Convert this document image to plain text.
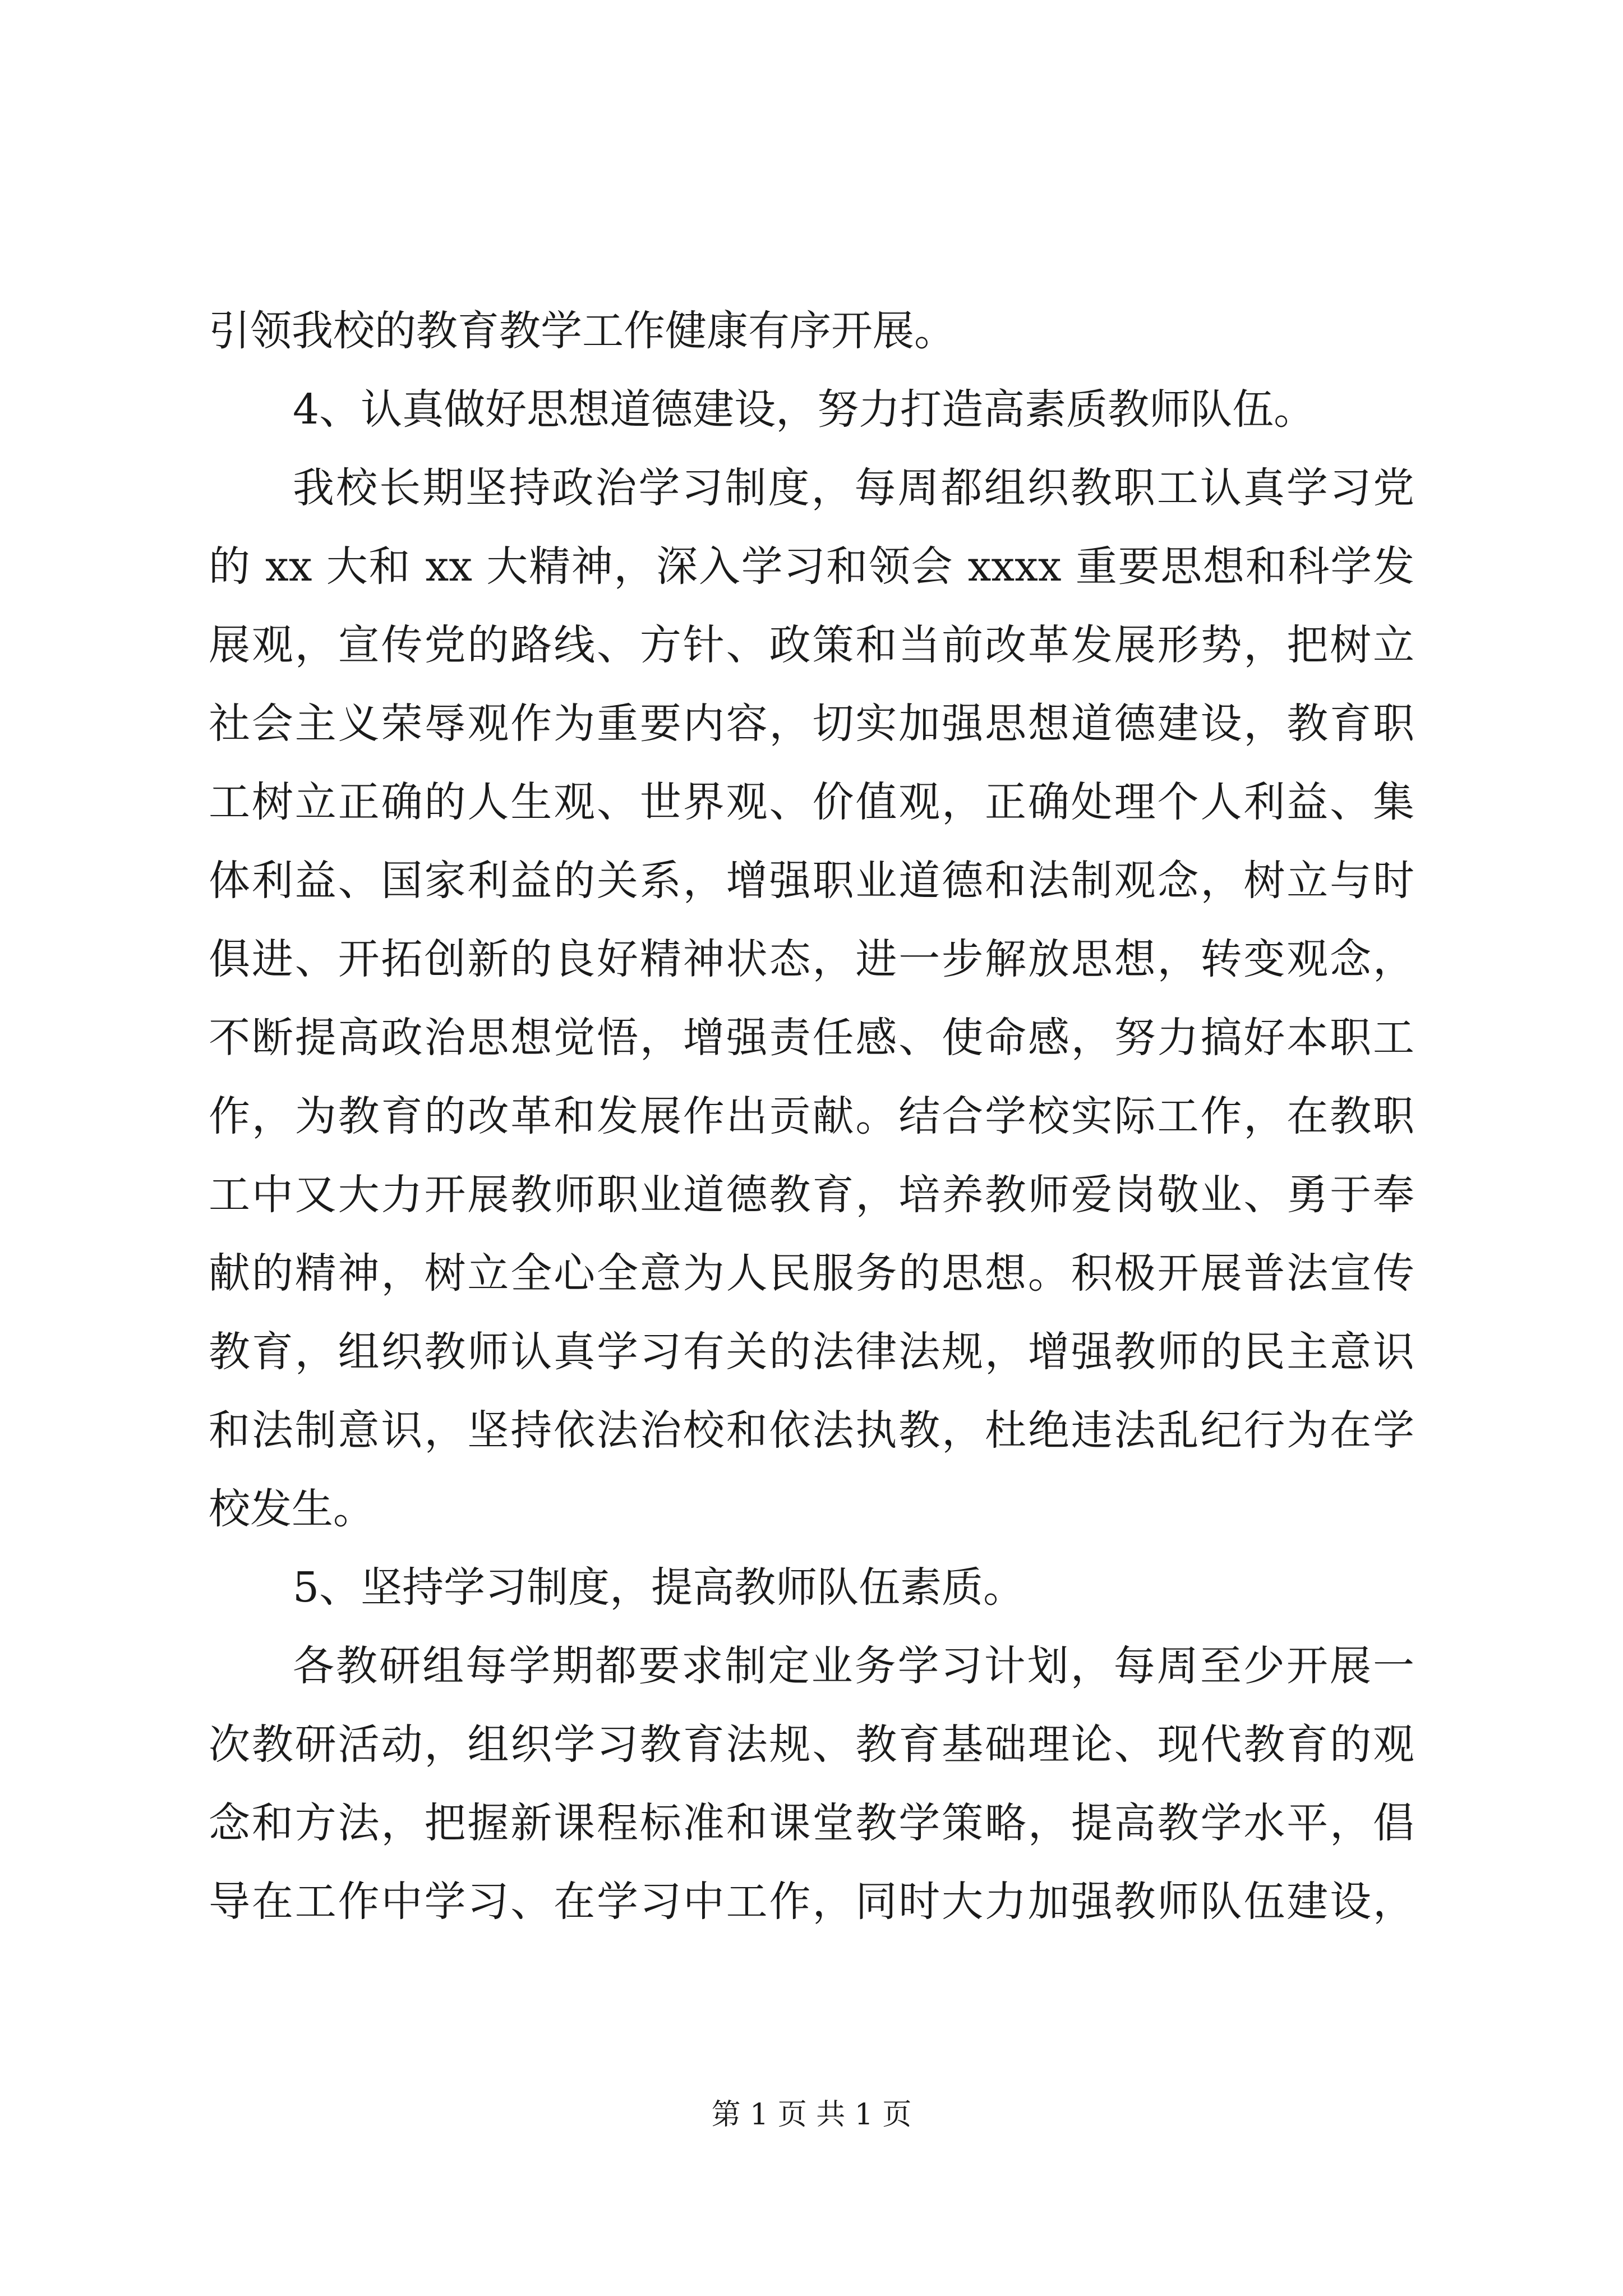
引领我校的教育教学工作健康有序开展。
4、认真做好思想道德建设，努力打造高素质教师队伍。
我校长期坚持政治学习制度，每周都组织教职工认真学习党
的 xx 大和 xx 大精神，深入学习和领会 xxxx 重要思想和科学发
展观，宣传党的路线、方针、政策和当前改革发展形势，把树立
社会主义荣辱观作为重要内容，切实加强思想道德建设，教育职
工树立正确的人生观、世界观、价值观，正确处理个人利益、集
体利益、国家利益的关系，增强职业道德和法制观念，树立与时
俱进、开拓创新的良好精神状态，进一步解放思想，转变观念，
不断提高政治思想觉悟，增强责任感、使命感，努力搞好本职工
作，为教育的改革和发展作出贡献。结合学校实际工作，在教职
工中又大力开展教师职业道德教育，培养教师爱岗敬业、勇于奉
献的精神，树立全心全意为人民服务的思想。积极开展普法宣传
教育，组织教师认真学习有关的法律法规，增强教师的民主意识
和法制意识，坚持依法治校和依法执教，杜绝违法乱纪行为在学
校发生。
5、坚持学习制度，提高教师队伍素质。
各教研组每学期都要求制定业务学习计划，每周至少开展一
次教研活动，组织学习教育法规、教育基础理论、现代教育的观
念和方法，把握新课程标准和课堂教学策略，提高教学水平，倡
导在工作中学习、在学习中工作，同时大力加强教师队伍建设，
第 1 页 共 1 页
